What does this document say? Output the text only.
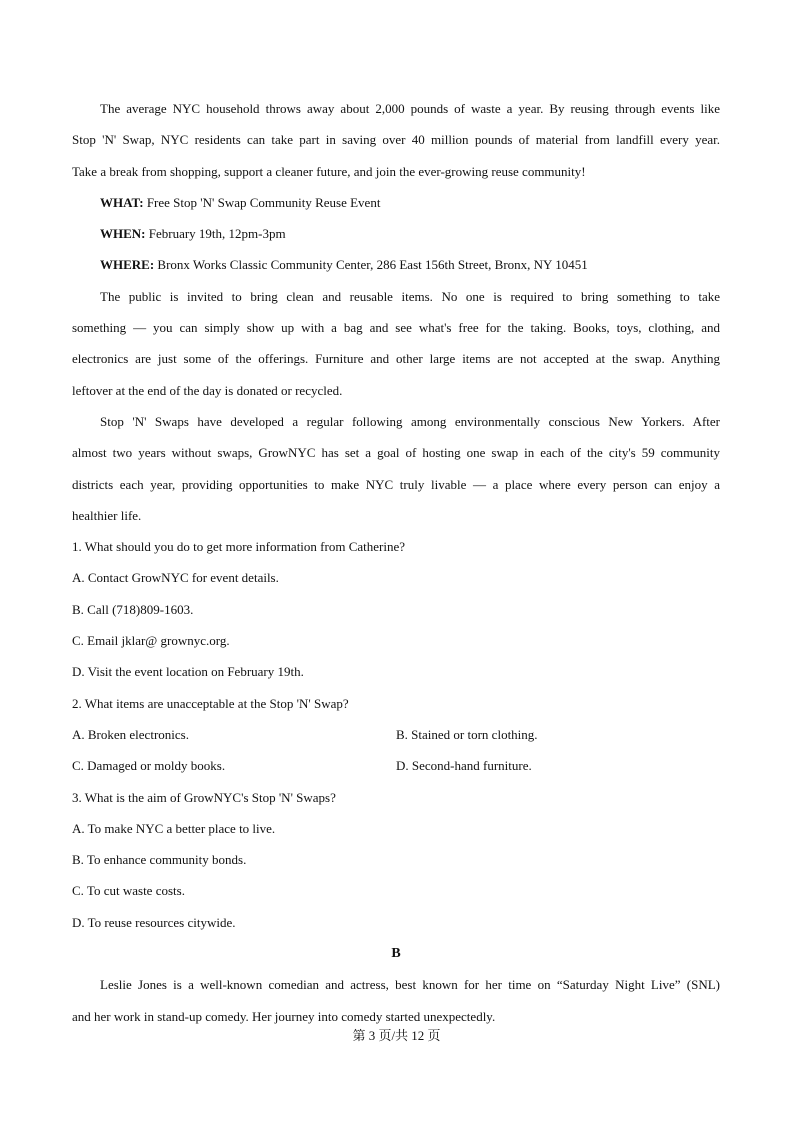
The average NYC household throws away about 2,000 pounds of waste a year. By reusing through events like
Stop 'N' Swap, NYC residents can take part in saving over 40 million pounds of material from landfill every year.
Take a break from shopping, support a cleaner future, and join the ever-growing reuse community!
WHAT: Free Stop 'N' Swap Community Reuse Event
WHEN: February 19th, 12pm-3pm
WHERE: Bronx Works Classic Community Center, 286 East 156th Street, Bronx, NY 10451
The public is invited to bring clean and reusable items. No one is required to bring something to take
something — you can simply show up with a bag and see what's free for the taking. Books, toys, clothing, and
electronics are just some of the offerings. Furniture and other large items are not accepted at the swap. Anything
leftover at the end of the day is donated or recycled.
Stop 'N' Swaps have developed a regular following among environmentally conscious New Yorkers. After
almost two years without swaps, GrowNYC has set a goal of hosting one swap in each of the city's 59 community
districts each year, providing opportunities to make NYC truly livable — a place where every person can enjoy a
healthier life.
1. What should you do to get more information from Catherine?
A. Contact GrowNYC for event details.
B. Call (718)809-1603.
C. Email jklar@ grownyc.org.
D. Visit the event location on February 19th.
2. What items are unacceptable at the Stop 'N' Swap?
A. Broken electronics.	B. Stained or torn clothing.
C. Damaged or moldy books.	D. Second-hand furniture.
3. What is the aim of GrowNYC's Stop 'N' Swaps?
A. To make NYC a better place to live.
B. To enhance community bonds.
C. To cut waste costs.
D. To reuse resources citywide.
B
Leslie Jones is a well-known comedian and actress, best known for her time on “Saturday Night Live” (SNL)
and her work in stand-up comedy. Her journey into comedy started unexpectedly.
第 3 页/共 12 页
